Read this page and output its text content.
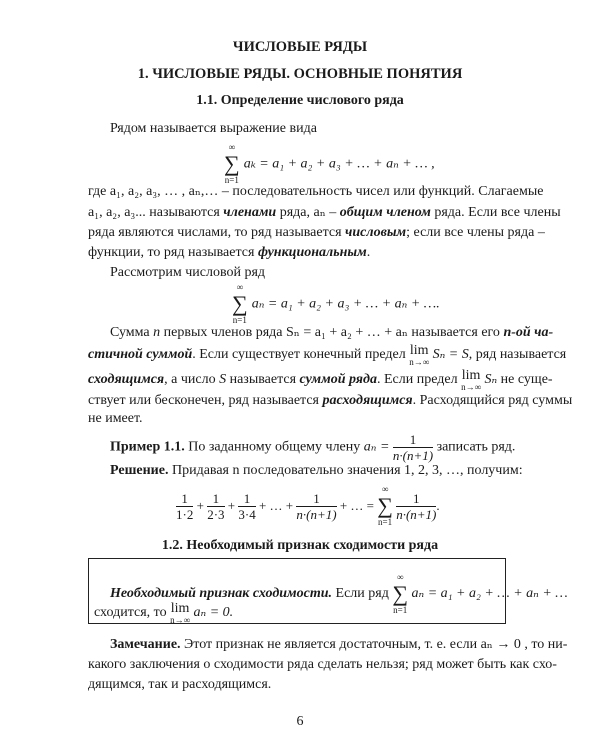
ЧИСЛОВЫЕ РЯДЫ
1. ЧИСЛОВЫЕ РЯДЫ. ОСНОВНЫЕ ПОНЯТИЯ
1.1. Определение числового ряда
Рядом называется выражение вида
∞
∑
n=1
aₖ = a₁ + a₂ + a₃ + … + aₙ + … ,
где a₁, a₂, a₃, … , aₙ,… – последовательность чисел или функций. Слагаемые
a₁, a₂, a₃... называются членами ряда, aₙ – общим членом ряда. Если все члены
ряда являются числами, то ряд называется числовым; если все члены ряда –
функции, то ряд называется функциональным.
Рассмотрим числовой ряд
∞
∑
n=1
aₙ = a₁ + a₂ + a₃ + … + aₙ + ….
Сумма n первых членов ряда Sₙ = a₁ + a₂ + … + aₙ называется его n-ой ча-
стичной суммой. Если существует конечный предел lim
n→∞ Sₙ = S, ряд называется
сходящимся, а число S называется суммой ряда. Если предел lim
n→∞ Sₙ не суще-
ствует или бесконечен, ряд называется расходящимся. Расходящийся ряд суммы
не имеет.
Пример 1.1. По заданному общему члену $a_n = \frac{1}{n\cdot(n+1)}$ записать ряд.
Решение. Придавая n последовательно значения 1, 2, 3, …, получим:
$\frac{1}{1\cdot 2} + \frac{1}{2\cdot 3} + \frac{1}{3\cdot 4}$ + … + $\frac{1}{n\cdot(n+1)}$ + … =
∞
∑
n=1

$\frac{1}{n\cdot(n+1)}$ .
1.2. Необходимый признак сходимости ряда
Необходимый признак сходимости. Если ряд
∞
∑
n=1
aₙ = a₁ + a₂ + … + aₙ + …
сходится, то lim
n→∞ aₙ = 0.
Замечание. Этот признак не является достаточным, т. е. если aₙ → 0 , то ни-
какого заключения о сходимости ряда сделать нельзя; ряд может быть как схо-
дящимся, так и расходящимся.
6
